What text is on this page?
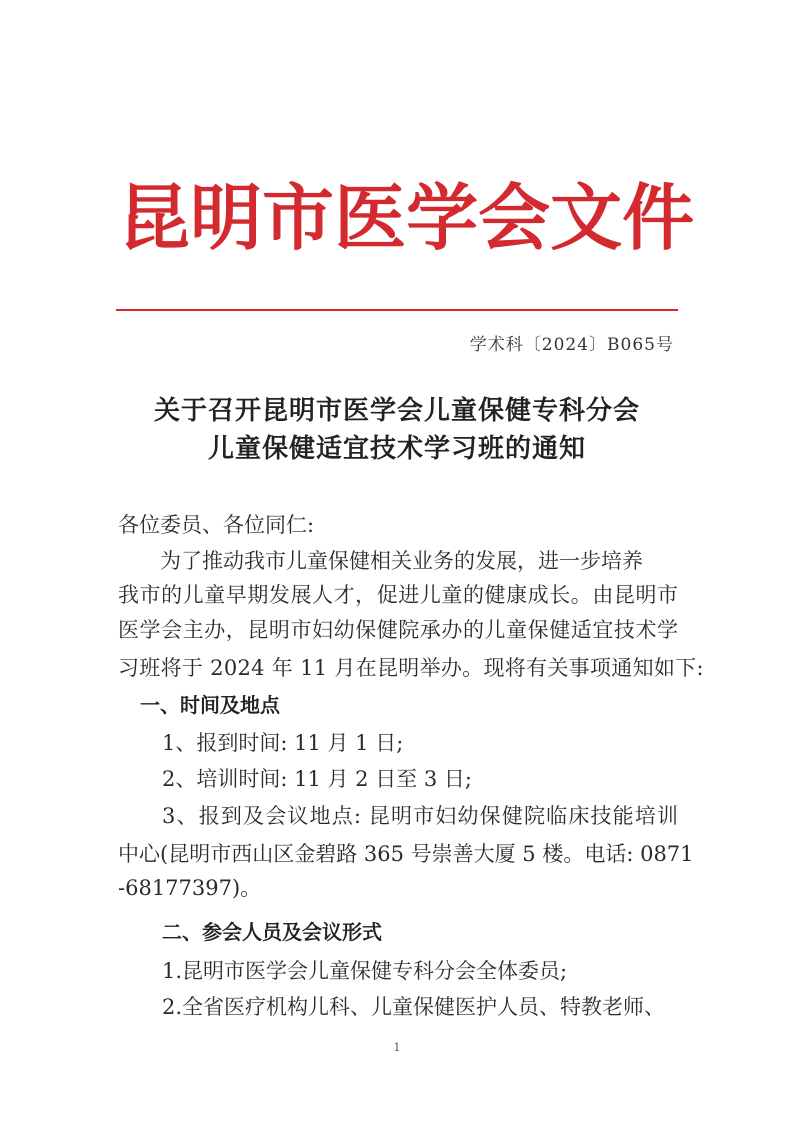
昆 明 市 医 学 会 文 件
学术科〔2024〕B065号
关于召开昆明市医学会儿童保健专科分会
儿童保健适宜技术学习班的通知
各位委员、各位同仁:
为了推动我市儿童保健相关业务的发展，进一步培养
我市的儿童早期发展人才，促进儿童的健康成长。由昆明市
医学会主办，昆明市妇幼保健院承办的儿童保健适宜技术学
习班将于 2024 年 11 月在昆明举办。现将有关事项通知如下:
一、时间及地点
1、报到时间: 11 月 1 日;
2、培训时间: 11 月 2 日至 3 日;
3、报到及会议地点: 昆明市妇幼保健院临床技能培训
中心(昆明市西山区金碧路 365 号崇善大厦 5 楼。电话: 0871
-68177397)。
二、参会人员及会议形式
1.昆明市医学会儿童保健专科分会全体委员;
2.全省医疗机构儿科、儿童保健医护人员、特教老师、
1
